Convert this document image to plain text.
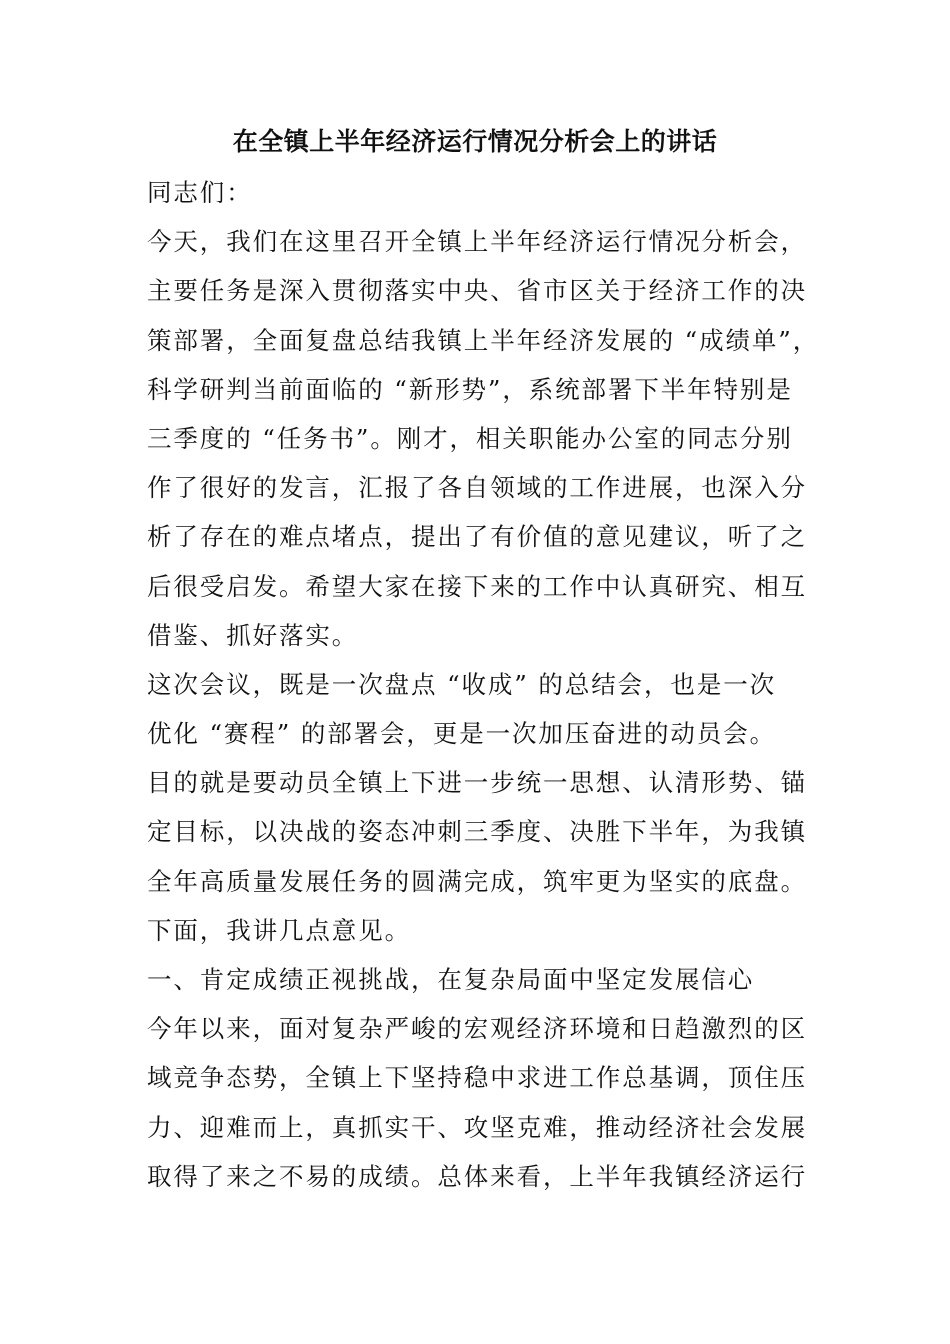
在全镇上半年经济运行情况分析会上的讲话
同志们：
今天，我们在这里召开全镇上半年经济运行情况分析会，
主要任务是深入贯彻落实中央、省市区关于经济工作的决
策部署，全面复盘总结我镇上半年经济发展的 “成绩单”，
科学研判当前面临的 “新形势”，系统部署下半年特别是
三季度的 “任务书”。刚才，相关职能办公室的同志分别
作了很好的发言，汇报了各自领域的工作进展，也深入分
析了存在的难点堵点，提出了有价值的意见建议，听了之
后很受启发。希望大家在接下来的工作中认真研究、相互
借鉴、抓好落实。
这次会议，既是一次盘点 “收成” 的总结会，也是一次
优化 “赛程” 的部署会，更是一次加压奋进的动员会。
目的就是要动员全镇上下进一步统一思想、认清形势、锚
定目标，以决战的姿态冲刺三季度、决胜下半年，为我镇
全年高质量发展任务的圆满完成，筑牢更为坚实的底盘。
下面，我讲几点意见。
一、肯定成绩正视挑战，在复杂局面中坚定发展信心
今年以来，面对复杂严峻的宏观经济环境和日趋激烈的区
域竞争态势，全镇上下坚持稳中求进工作总基调，顶住压
力、迎难而上，真抓实干、攻坚克难，推动经济社会发展
取得了来之不易的成绩。总体来看，上半年我镇经济运行
